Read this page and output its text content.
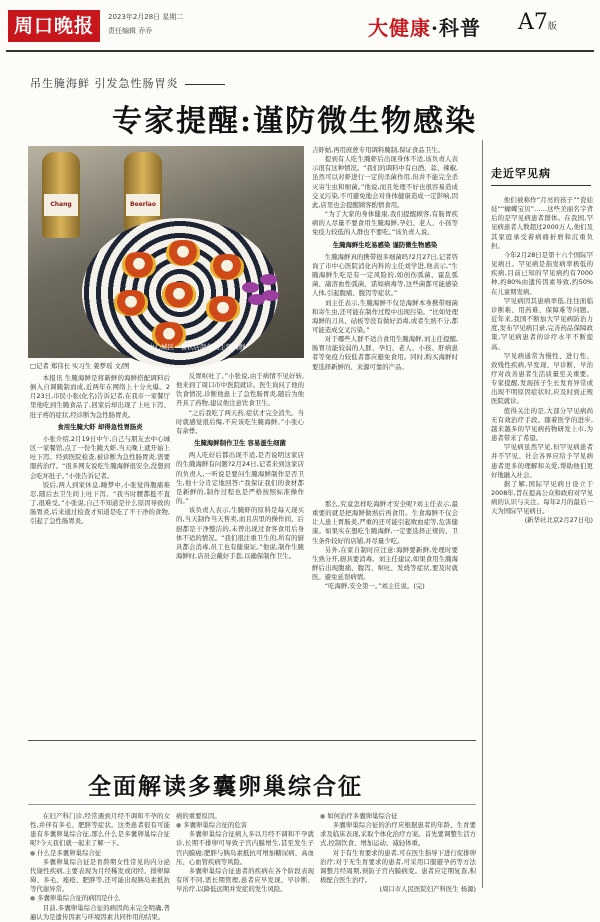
周口晚报	2023年2月28日 星期二
责任编辑 乔乔	大健康·科普 A7版
吊生腌海鲜 引发急性肠胃炎
专家提醒:谨防微生物感染
Chang	Beerlao
中心城区一餐饮店制作的生腌海鲜
□记者 郑伟长 实习生 姜梦瑶 文/图

本报讯 生腌海鲜是将新鲜的海鲜搭配调料后倒入自调腌制而成,近两年在网络上十分火爆。2月23日,市民小张(化名)告诉记者,在我市一家餐厅里他吃到生腌食品了,回家后却出现了上吐下泻、肚子疼的症状,经诊断为急性肠胃炎。

食用生腌大虾 却得急性胃肠炎

小张介绍,2月19日中午,自己与朋友去中心城区一家餐馆,点了一份生腌大虾,当天晚上就开始上吐下泻。经到医院检查,被诊断为急性肠胃炎,需要服药治疗。“很多网友说吃生腌海鲜很安全,没想到会吃坏肚子。”小张告诉记者。

饭后,两人到家休息,睡梦中,小张觉得腹痛难忍,随后去卫生间上吐下泻。“我当时腰都挺不直了,很难受。”小张说,自己不知道是什么原因导致的肠胃炎,后来通过检查才知道是吃了不干净的食物,引起了急性肠胃炎。

反胃呕吐了。”小张说,由于病情不见好转,他来到了周口市中医院就诊。医生询问了他的饮食情况,诊断他患上了急性肠胃炎,随后为他开具了药物,建议他注意饮食卫生。

“之后我吃了两天药,症状才完全消失。当时就感觉很后悔,不应该吃生腌海鲜。”小张心有余悸。

生腌海鲜制作卫生 容易滋生细菌

两人吃好后都出现不适,是否说明这家店的生腌海鲜有问题?2月24日,记者来到这家店的负责人,一听说是要问生腌海鲜制作是否卫生,他十分肯定地回答:“我保证我们的食材都是新鲜的,制作过程也是严格按照标准操作的。”

该负责人表示,生腌虾的原料是每天现买的,当天制作当天售卖,而且店里的操作间、后厨都是干净整洁的,未曾出现过食客食用后身体不适的情况。“我们很注重卫生的,所有的厨具都会消毒,员工也有健康证。”他说,制作生腌海鲜时,店员会戴好手套,以确保制作卫生。

吉虾蛄,再用庶蔗专用调料腌制,保证食品卫生。

提到有人吃生腌虾后出现身体不适,该负责人表示很有这种情况。“我们的调料中有白酒、蒜、辣椒,虽然可以对虾进行一定的杀菌作用,但并不能完全杀灭寄生虫和细菌。”他说,而且处理不好也很容易造成交叉污染,不可避免地会对身体健康造成一定影响,因此,店里也会提醒顾客酌情食用。

“为了大家的身体健康,我们提醒顾客,有肠胃疾病的人尽量不要食用生腌海鲜,孕妇、老人、小孩等免疫力较低的人群也不要吃。”该负责人说。

生腌海鲜生吃易感染 谨防微生物感染

生腌海鲜真的携带很多细菌吗?2月27日,记者咨询了市中心医院消化内科的主任刘学进,他表示,“生腌海鲜生吃是有一定风险的,如创伤弧菌、霍乱弧菌、副溶血性弧菌、诺如病毒等,这些菌都可能感染人体,引起腹痛、腹泻等症状。”

刘主任表示,生腌海鲜不仅是海鲜本身携带细菌和寄生虫,还可能在制作过程中出现污染。“比如处理海鲜的刀具、砧板等没有做好消毒,或者生熟不分,都可能造成交叉污染。”

对于哪些人群不适合食用生腌海鲜,刘主任提醒,肠胃功能较弱的人群、孕妇、老人、小孩、肝病患者等免疫力较低者都应避免食用。同时,购买海鲜时要选择新鲜的、来源可靠的产品。

那么,究竟怎样吃海鲜才安全呢?刘主任表示,最重要的就是把海鲜做熟后再食用。生食海鲜不仅会让人患上胃肠炎,严重的还可能引起败血症等,危害健康。如果实在想吃生腌海鲜,一定要选择正规的、卫生条件较好的店铺,并尽量少吃。

另外,在家自制时应注意:海鲜要新鲜,处理时要生熟分开,厨具要消毒。刘主任建议,如果食用生腌海鲜后出现腹痛、腹泻、呕吐、发烧等症状,要及时就医。避免延误病情。

“吃海鲜,安全第一。”刘主任说。(完)

走近罕见病

他们被称作“月亮的孩子”“瓷娃娃”“蝴蝶宝贝”……这些美丽名字背后的是罕见病患者群体。在我国,罕见病患者人数超过2000万人,他们及其家庭承受着病痛折磨和沉重负担。

今年2月28日是第十六个国际罕见病日。罕见病是指发病率极低的疾病,目前已知的罕见病约有7000种,约80%由遗传因素导致,约50%在儿童期发病。

罕见病因其患病率低,往往面临诊断难、用药难、保障难等问题。近年来,我国不断加大罕见病防治力度,发布罕见病目录,完善药品保障政策,罕见病患者的诊疗水平不断提高。

罕见病通常为慢性、进行性、致残性疾病,早发现、早诊断、早治疗对改善患者生活质量至关重要。专家提醒,发现孩子生长发育异常或出现不明原因症状时,应及时到正规医院就诊。

值得关注的是,大部分罕见病尚无有效治疗手段。随着医学的进步,越来越多的罕见病药物研发上市,为患者带来了希望。

罕见病虽然罕见,但罕见病患者并不罕见。社会各界应给予罕见病患者更多的理解和关爱,帮助他们更好地融入社会。

据了解,国际罕见病日设立于2008年,旨在提高公众和政府对罕见病的认识与关注。每年2月的最后一天为国际罕见病日。

(新华社北京2月27日电)

全面解读多囊卵巢综合征

在妇产科门诊,经常遇到月经不调和不孕的女性,并伴有多毛、肥胖等症状。这类患者很有可能患有多囊卵巢综合征,那么什么是多囊卵巢综合征呢?今天我们就一起来了解一下。

● 什么是多囊卵巢综合征

多囊卵巢综合征是育龄期女性常见的内分泌代谢性疾病,主要表现为月经稀发或闭经、排卵障碍、多毛、痤疮、肥胖等,还可能出现胰岛素抵抗等代谢异常。

● 多囊卵巢综合征的病因是什么

目前,多囊卵巢综合征的病因尚未完全明确,普遍认为是遗传因素与环境因素共同作用的结果。

病的重要原因。

● 多囊卵巢综合征的危害

多囊卵巢综合征病人多以月经不调和不孕就诊,长期不排卵可导致子宫内膜增生,甚至发生子宫内膜癌;肥胖与胰岛素抵抗可增加糖尿病、高血压、心血管疾病等风险。

多囊卵巢综合征患者的疾病在各个阶段表现有所不同,需长期管理,患者应早发现、早诊断、早治疗,以降低远期并发症的发生风险。

● 如何治疗多囊卵巢综合征

多囊卵巢综合征的治疗应根据患者的年龄、生育要求及临床表现,采取个体化治疗方案。首先要调整生活方式,控制饮食、增加运动、减轻体重。

对于有生育要求的患者,可在医生指导下进行促排卵治疗;对于无生育要求的患者,可采用口服避孕药等方法调整月经周期,预防子宫内膜病变。患者应定期复查,积极配合医生治疗。

(周口市人民医院妇产科医生 杨源)
